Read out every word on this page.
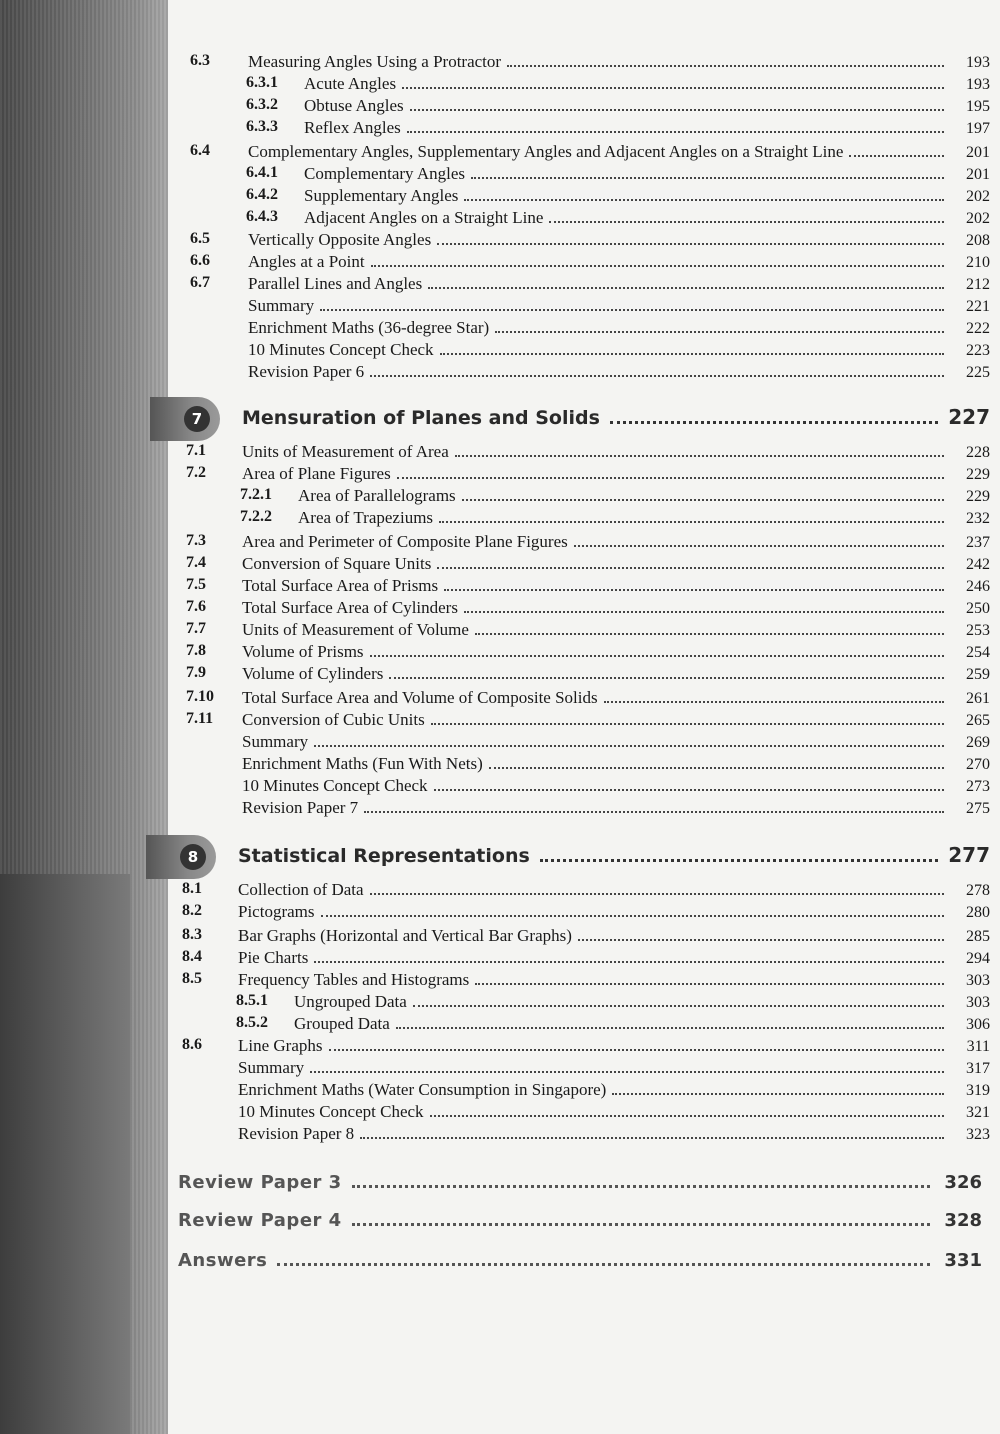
6.3 Measuring Angles Using a Protractor	193
6.3.1 Acute Angles	193
6.3.2 Obtuse Angles	195
6.3.3 Reflex Angles	197
6.4 Complementary Angles, Supplementary Angles and Adjacent Angles on a Straight Line	201
6.4.1 Complementary Angles	201
6.4.2 Supplementary Angles	202
6.4.3 Adjacent Angles on a Straight Line	202
6.5 Vertically Opposite Angles	208
6.6 Angles at a Point	210
6.7 Parallel Lines and Angles	212
Summary	221
Enrichment Maths (36-degree Star)	222
10 Minutes Concept Check	223
Revision Paper 6	225
7	Mensuration of Planes and Solids	227
7.1 Units of Measurement of Area	228
7.2 Area of Plane Figures	229
7.2.1 Area of Parallelograms	229
7.2.2 Area of Trapeziums	232
7.3 Area and Perimeter of Composite Plane Figures	237
7.4 Conversion of Square Units	242
7.5 Total Surface Area of Prisms	246
7.6 Total Surface Area of Cylinders	250
7.7 Units of Measurement of Volume	253
7.8 Volume of Prisms	254
7.9 Volume of Cylinders	259
7.10 Total Surface Area and Volume of Composite Solids	261
7.11 Conversion of Cubic Units	265
Summary	269
Enrichment Maths (Fun With Nets)	270
10 Minutes Concept Check	273
Revision Paper 7	275
8	Statistical Representations	277
8.1 Collection of Data	278
8.2 Pictograms	280
8.3 Bar Graphs (Horizontal and Vertical Bar Graphs)	285
8.4 Pie Charts	294
8.5 Frequency Tables and Histograms	303
8.5.1 Ungrouped Data	303
8.5.2 Grouped Data	306
8.6 Line Graphs	311
Summary	317
Enrichment Maths (Water Consumption in Singapore)	319
10 Minutes Concept Check	321
Revision Paper 8	323
Review Paper 3	326
Review Paper 4	328
Answers	331
